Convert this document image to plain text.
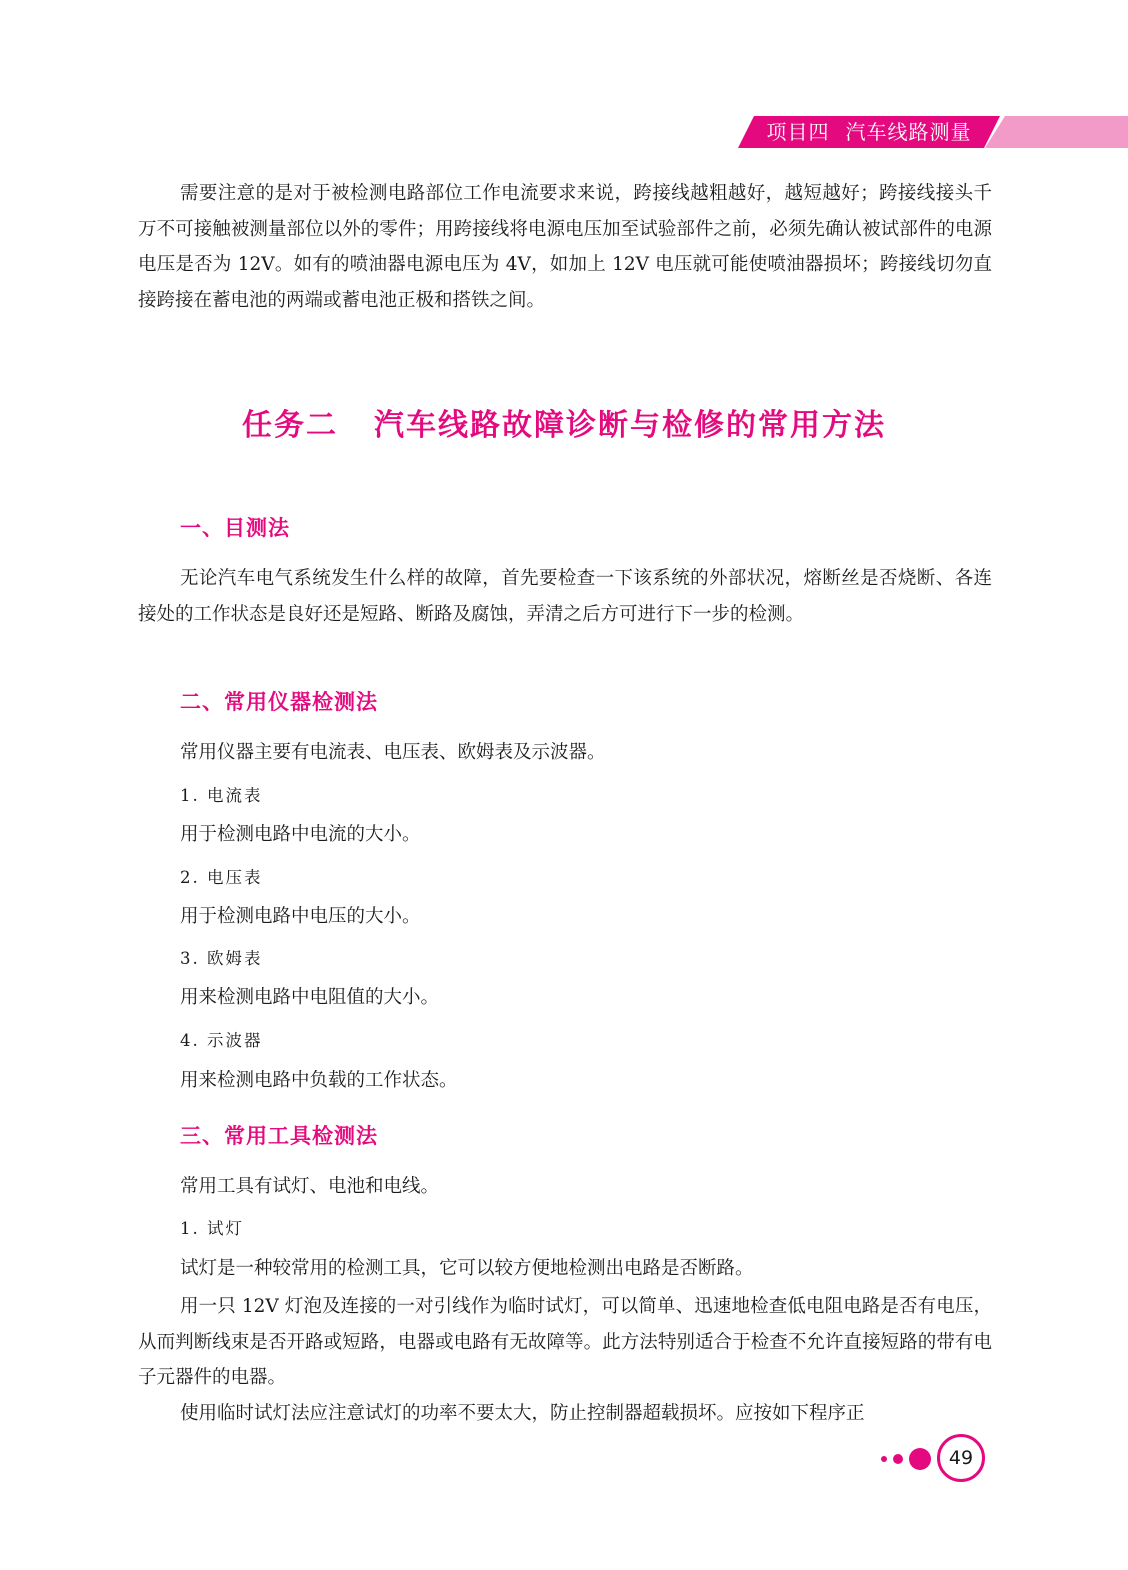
项目四 汽车线路测量

需要注意的是对于被检测电路部位工作电流要求来说，跨接线越粗越好，越短越好；跨接线接头千万不可接触被测量部位以外的零件；用跨接线将电源电压加至试验部件之前，必须先确认被试部件的电源电压是否为 12V。如有的喷油器电源电压为 4V，如加上 12V 电压就可能使喷油器损坏；跨接线切勿直接跨接在蓄电池的两端或蓄电池正极和搭铁之间。

任务二 汽车线路故障诊断与检修的常用方法
一、目测法

无论汽车电气系统发生什么样的故障，首先要检查一下该系统的外部状况，熔断丝是否烧断、各连接处的工作状态是良好还是短路、断路及腐蚀，弄清之后方可进行下一步的检测。

二、常用仪器检测法

常用仪器主要有电流表、电压表、欧姆表及示波器。

1. 电流表

用于检测电路中电流的大小。

2. 电压表

用于检测电路中电压的大小。

3. 欧姆表

用来检测电路中电阻值的大小。

4. 示波器

用来检测电路中负载的工作状态。

三、常用工具检测法

常用工具有试灯、电池和电线。

1. 试灯

试灯是一种较常用的检测工具，它可以较方便地检测出电路是否断路。

用一只 12V 灯泡及连接的一对引线作为临时试灯，可以简单、迅速地检查低电阻电路是否有电压，从而判断线束是否开路或短路，电器或电路有无故障等。此方法特别适合于检查不允许直接短路的带有电子元器件的电器。

使用临时试灯法应注意试灯的功率不要太大，防止控制器超载损坏。应按如下程序正

49
